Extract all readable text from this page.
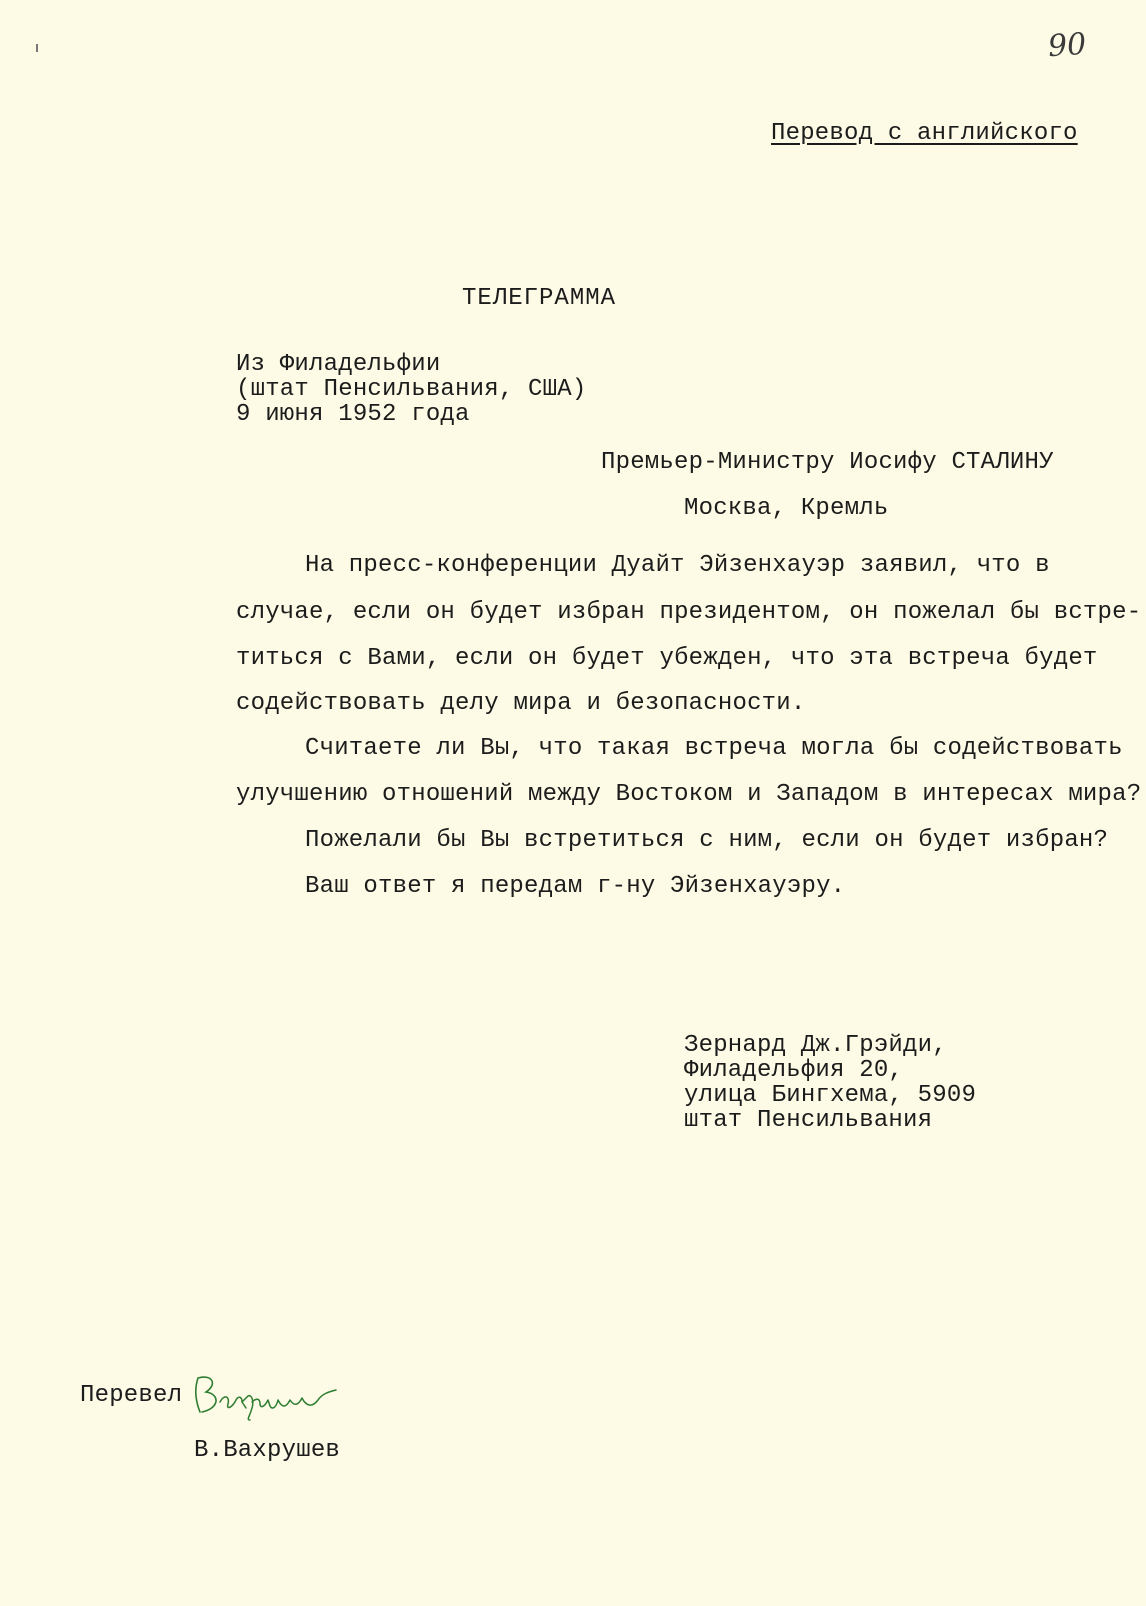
90
Перевод с английского
ТЕЛЕГРАММА
Из Филадельфии
(штат Пенсильвания, США)
9 июня 1952 года
Премьер-Министру Иосифу СТАЛИНУ
Москва, Кремль
На пресс-конференции Дуайт Эйзенхауэр заявил, что в
случае, если он будет избран президентом, он пожелал бы встре-
титься с Вами, если он будет убежден, что эта встреча будет
содействовать делу мира и безопасности.
Считаете ли Вы, что такая встреча могла бы содействовать
улучшению отношений между Востоком и Западом в интересах мира?
Пожелали бы Вы встретиться с ним, если он будет избран?
Ваш ответ я передам г-ну Эйзенхауэру.
Зернард Дж.Грэйди,
Филадельфия 20,
улица Бингхема, 5909
штат Пенсильвания
Перевел
В.Вахрушев
